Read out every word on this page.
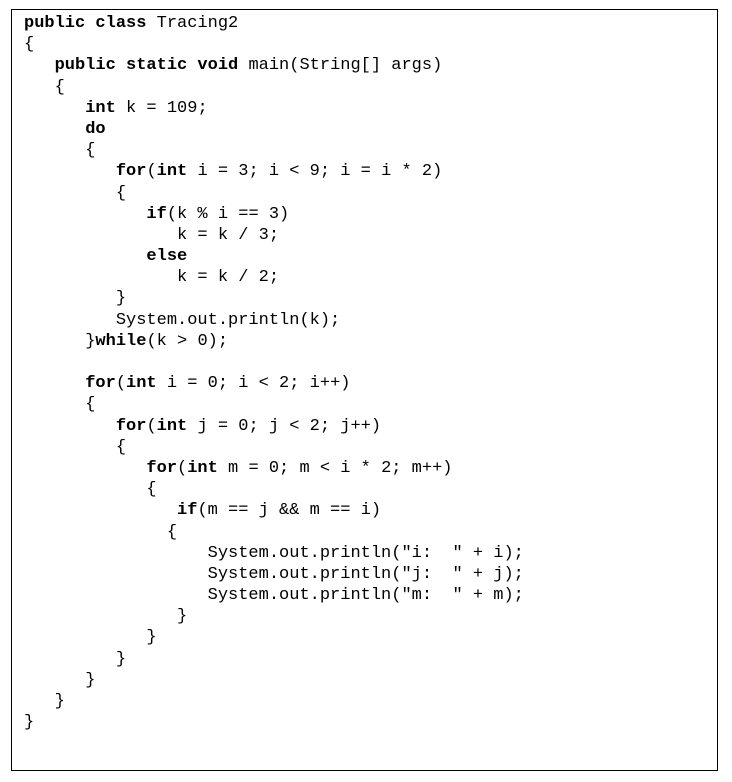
public class Tracing2
{
public static void main(String[] args)
{
int k = 109;
do
{
for(int i = 3; i < 9; i = i * 2)
{
if(k % i == 3)
k = k / 3;
else
k = k / 2;
}
System.out.println(k);
}while(k > 0);
for(int i = 0; i < 2; i++)
{
for(int j = 0; j < 2; j++)
{
for(int m = 0; m < i * 2; m++)
{
if(m == j && m == i)
{
System.out.println("i:  " + i);
System.out.println("j:  " + j);
System.out.println("m:  " + m);
}
}
}
}
}
}
